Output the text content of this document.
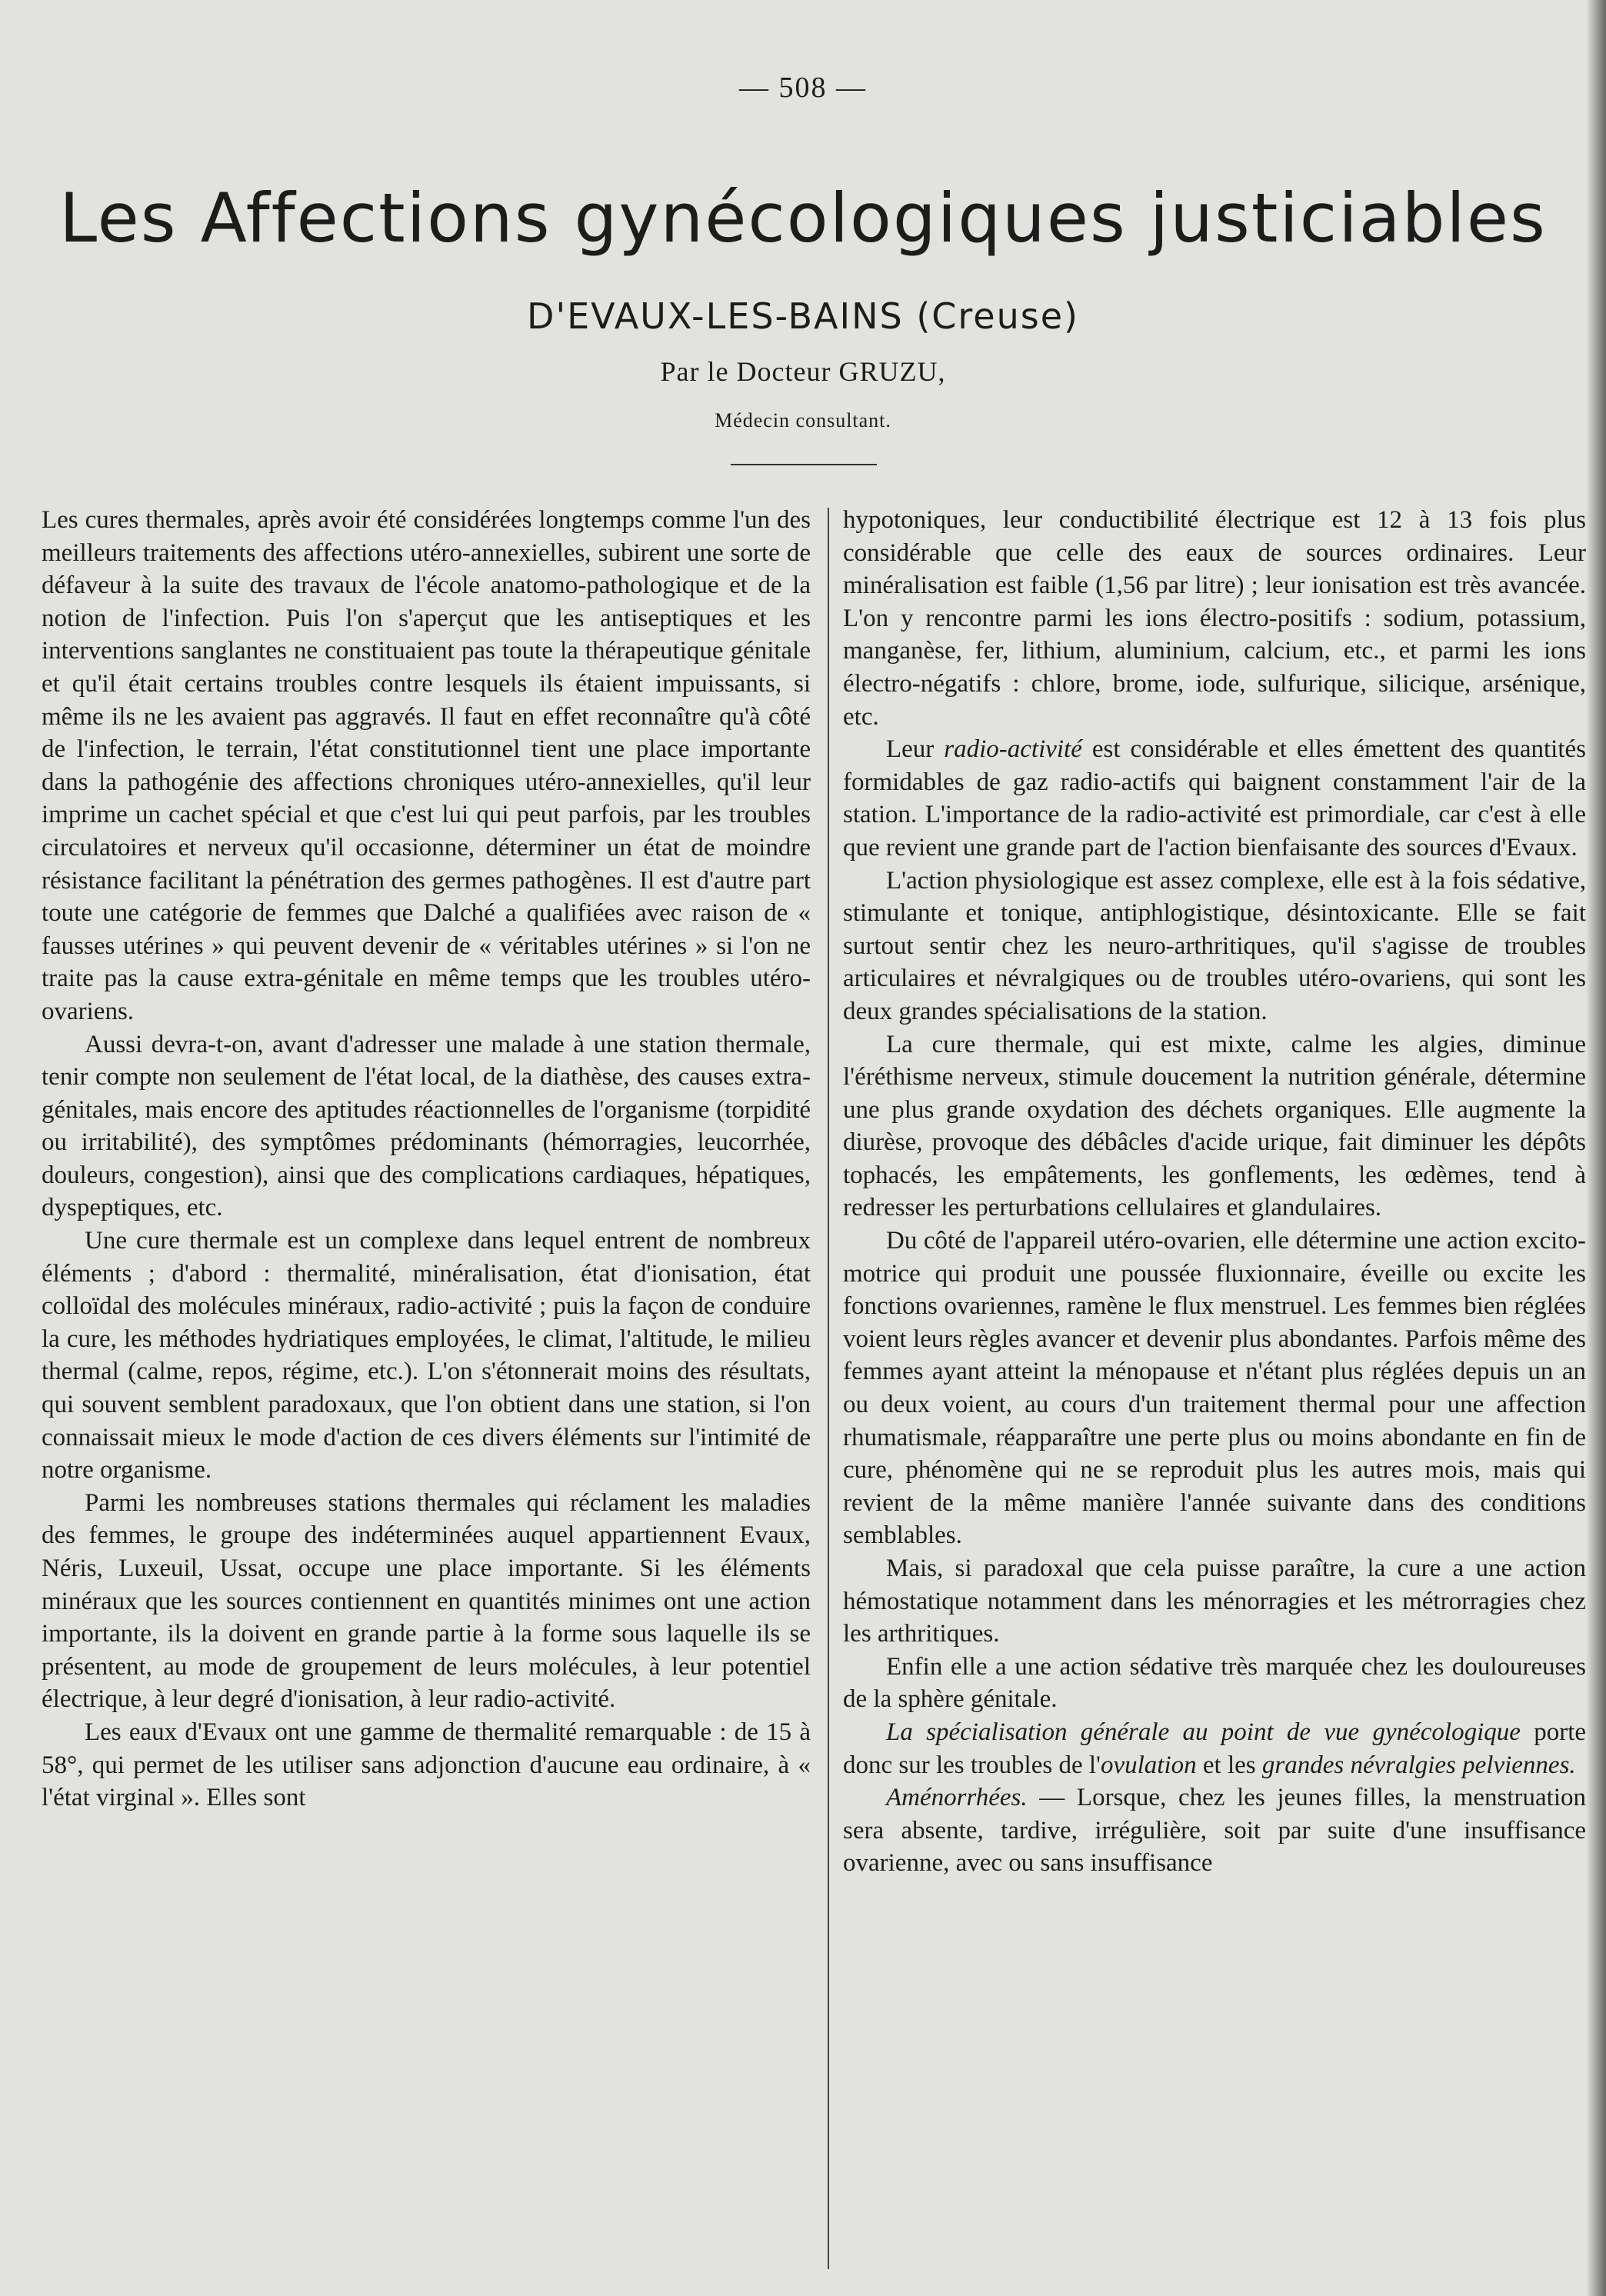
— 508 —
Les Affections gynécologiques justiciables
D'EVAUX-LES-BAINS (Creuse)
Par le Docteur GRUZU,
Médecin consultant.

Les cures thermales, après avoir été considérées longtemps comme l'un des meilleurs traitements des affections utéro-annexielles, subirent une sorte de défaveur à la suite des travaux de l'école anatomo-pathologique et de la notion de l'infection. Puis l'on s'aperçut que les antiseptiques et les interventions sanglantes ne constituaient pas toute la thérapeutique génitale et qu'il était certains troubles contre lesquels ils étaient impuissants, si même ils ne les avaient pas aggravés. Il faut en effet reconnaître qu'à côté de l'infection, le terrain, l'état constitutionnel tient une place importante dans la pathogénie des affections chroniques utéro-annexielles, qu'il leur imprime un cachet spécial et que c'est lui qui peut parfois, par les troubles circulatoires et nerveux qu'il occasionne, déterminer un état de moindre résistance facilitant la pénétration des germes pathogènes. Il est d'autre part toute une catégorie de femmes que Dalché a qualifiées avec raison de « fausses utérines » qui peuvent devenir de « véritables utérines » si l'on ne traite pas la cause extra-génitale en même temps que les troubles utéro-ovariens.

Aussi devra-t-on, avant d'adresser une malade à une station thermale, tenir compte non seulement de l'état local, de la diathèse, des causes extra-génitales, mais encore des aptitudes réactionnelles de l'organisme (torpidité ou irritabilité), des symptômes prédominants (hémorragies, leucorrhée, douleurs, congestion), ainsi que des complications cardiaques, hépatiques, dyspeptiques, etc.

Une cure thermale est un complexe dans lequel entrent de nombreux éléments ; d'abord : thermalité, minéralisation, état d'ionisation, état colloïdal des molécules minéraux, radio-activité ; puis la façon de conduire la cure, les méthodes hydriatiques employées, le climat, l'altitude, le milieu thermal (calme, repos, régime, etc.). L'on s'étonnerait moins des résultats, qui souvent semblent paradoxaux, que l'on obtient dans une station, si l'on connaissait mieux le mode d'action de ces divers éléments sur l'intimité de notre organisme.

Parmi les nombreuses stations thermales qui réclament les maladies des femmes, le groupe des indéterminées auquel appartiennent Evaux, Néris, Luxeuil, Ussat, occupe une place importante. Si les éléments minéraux que les sources contiennent en quantités minimes ont une action importante, ils la doivent en grande partie à la forme sous laquelle ils se présentent, au mode de groupement de leurs molécules, à leur potentiel électrique, à leur degré d'ionisation, à leur radio-activité.

Les eaux d'Evaux ont une gamme de thermalité remarquable : de 15 à 58°, qui permet de les utiliser sans adjonction d'aucune eau ordinaire, à « l'état virginal ». Elles sont

hypotoniques, leur conductibilité électrique est 12 à 13 fois plus considérable que celle des eaux de sources ordinaires. Leur minéralisation est faible (1,56 par litre) ; leur ionisation est très avancée. L'on y rencontre parmi les ions électro-positifs : sodium, potassium, manganèse, fer, lithium, aluminium, calcium, etc., et parmi les ions électro-négatifs : chlore, brome, iode, sulfurique, silicique, arsénique, etc.

Leur radio-activité est considérable et elles émettent des quantités formidables de gaz radio-actifs qui baignent constamment l'air de la station. L'importance de la radio-activité est primordiale, car c'est à elle que revient une grande part de l'action bienfaisante des sources d'Evaux.

L'action physiologique est assez complexe, elle est à la fois sédative, stimulante et tonique, antiphlogistique, désintoxicante. Elle se fait surtout sentir chez les neuro-arthritiques, qu'il s'agisse de troubles articulaires et névralgiques ou de troubles utéro-ovariens, qui sont les deux grandes spécialisations de la station.

La cure thermale, qui est mixte, calme les algies, diminue l'éréthisme nerveux, stimule doucement la nutrition générale, détermine une plus grande oxydation des déchets organiques. Elle augmente la diurèse, provoque des débâcles d'acide urique, fait diminuer les dépôts tophacés, les empâtements, les gonflements, les œdèmes, tend à redresser les perturbations cellulaires et glandulaires.

Du côté de l'appareil utéro-ovarien, elle détermine une action excito-motrice qui produit une poussée fluxionnaire, éveille ou excite les fonctions ovariennes, ramène le flux menstruel. Les femmes bien réglées voient leurs règles avancer et devenir plus abondantes. Parfois même des femmes ayant atteint la ménopause et n'étant plus réglées depuis un an ou deux voient, au cours d'un traitement thermal pour une affection rhumatismale, réapparaître une perte plus ou moins abondante en fin de cure, phénomène qui ne se reproduit plus les autres mois, mais qui revient de la même manière l'année suivante dans des conditions semblables.

Mais, si paradoxal que cela puisse paraître, la cure a une action hémostatique notamment dans les ménorragies et les métrorragies chez les arthritiques.

Enfin elle a une action sédative très marquée chez les douloureuses de la sphère génitale.

La spécialisation générale au point de vue gynécologique porte donc sur les troubles de l'ovulation et les grandes névralgies pelviennes.

Aménorrhées. — Lorsque, chez les jeunes filles, la menstruation sera absente, tardive, irrégulière, soit par suite d'une insuffisance ovarienne, avec ou sans insuffisance
